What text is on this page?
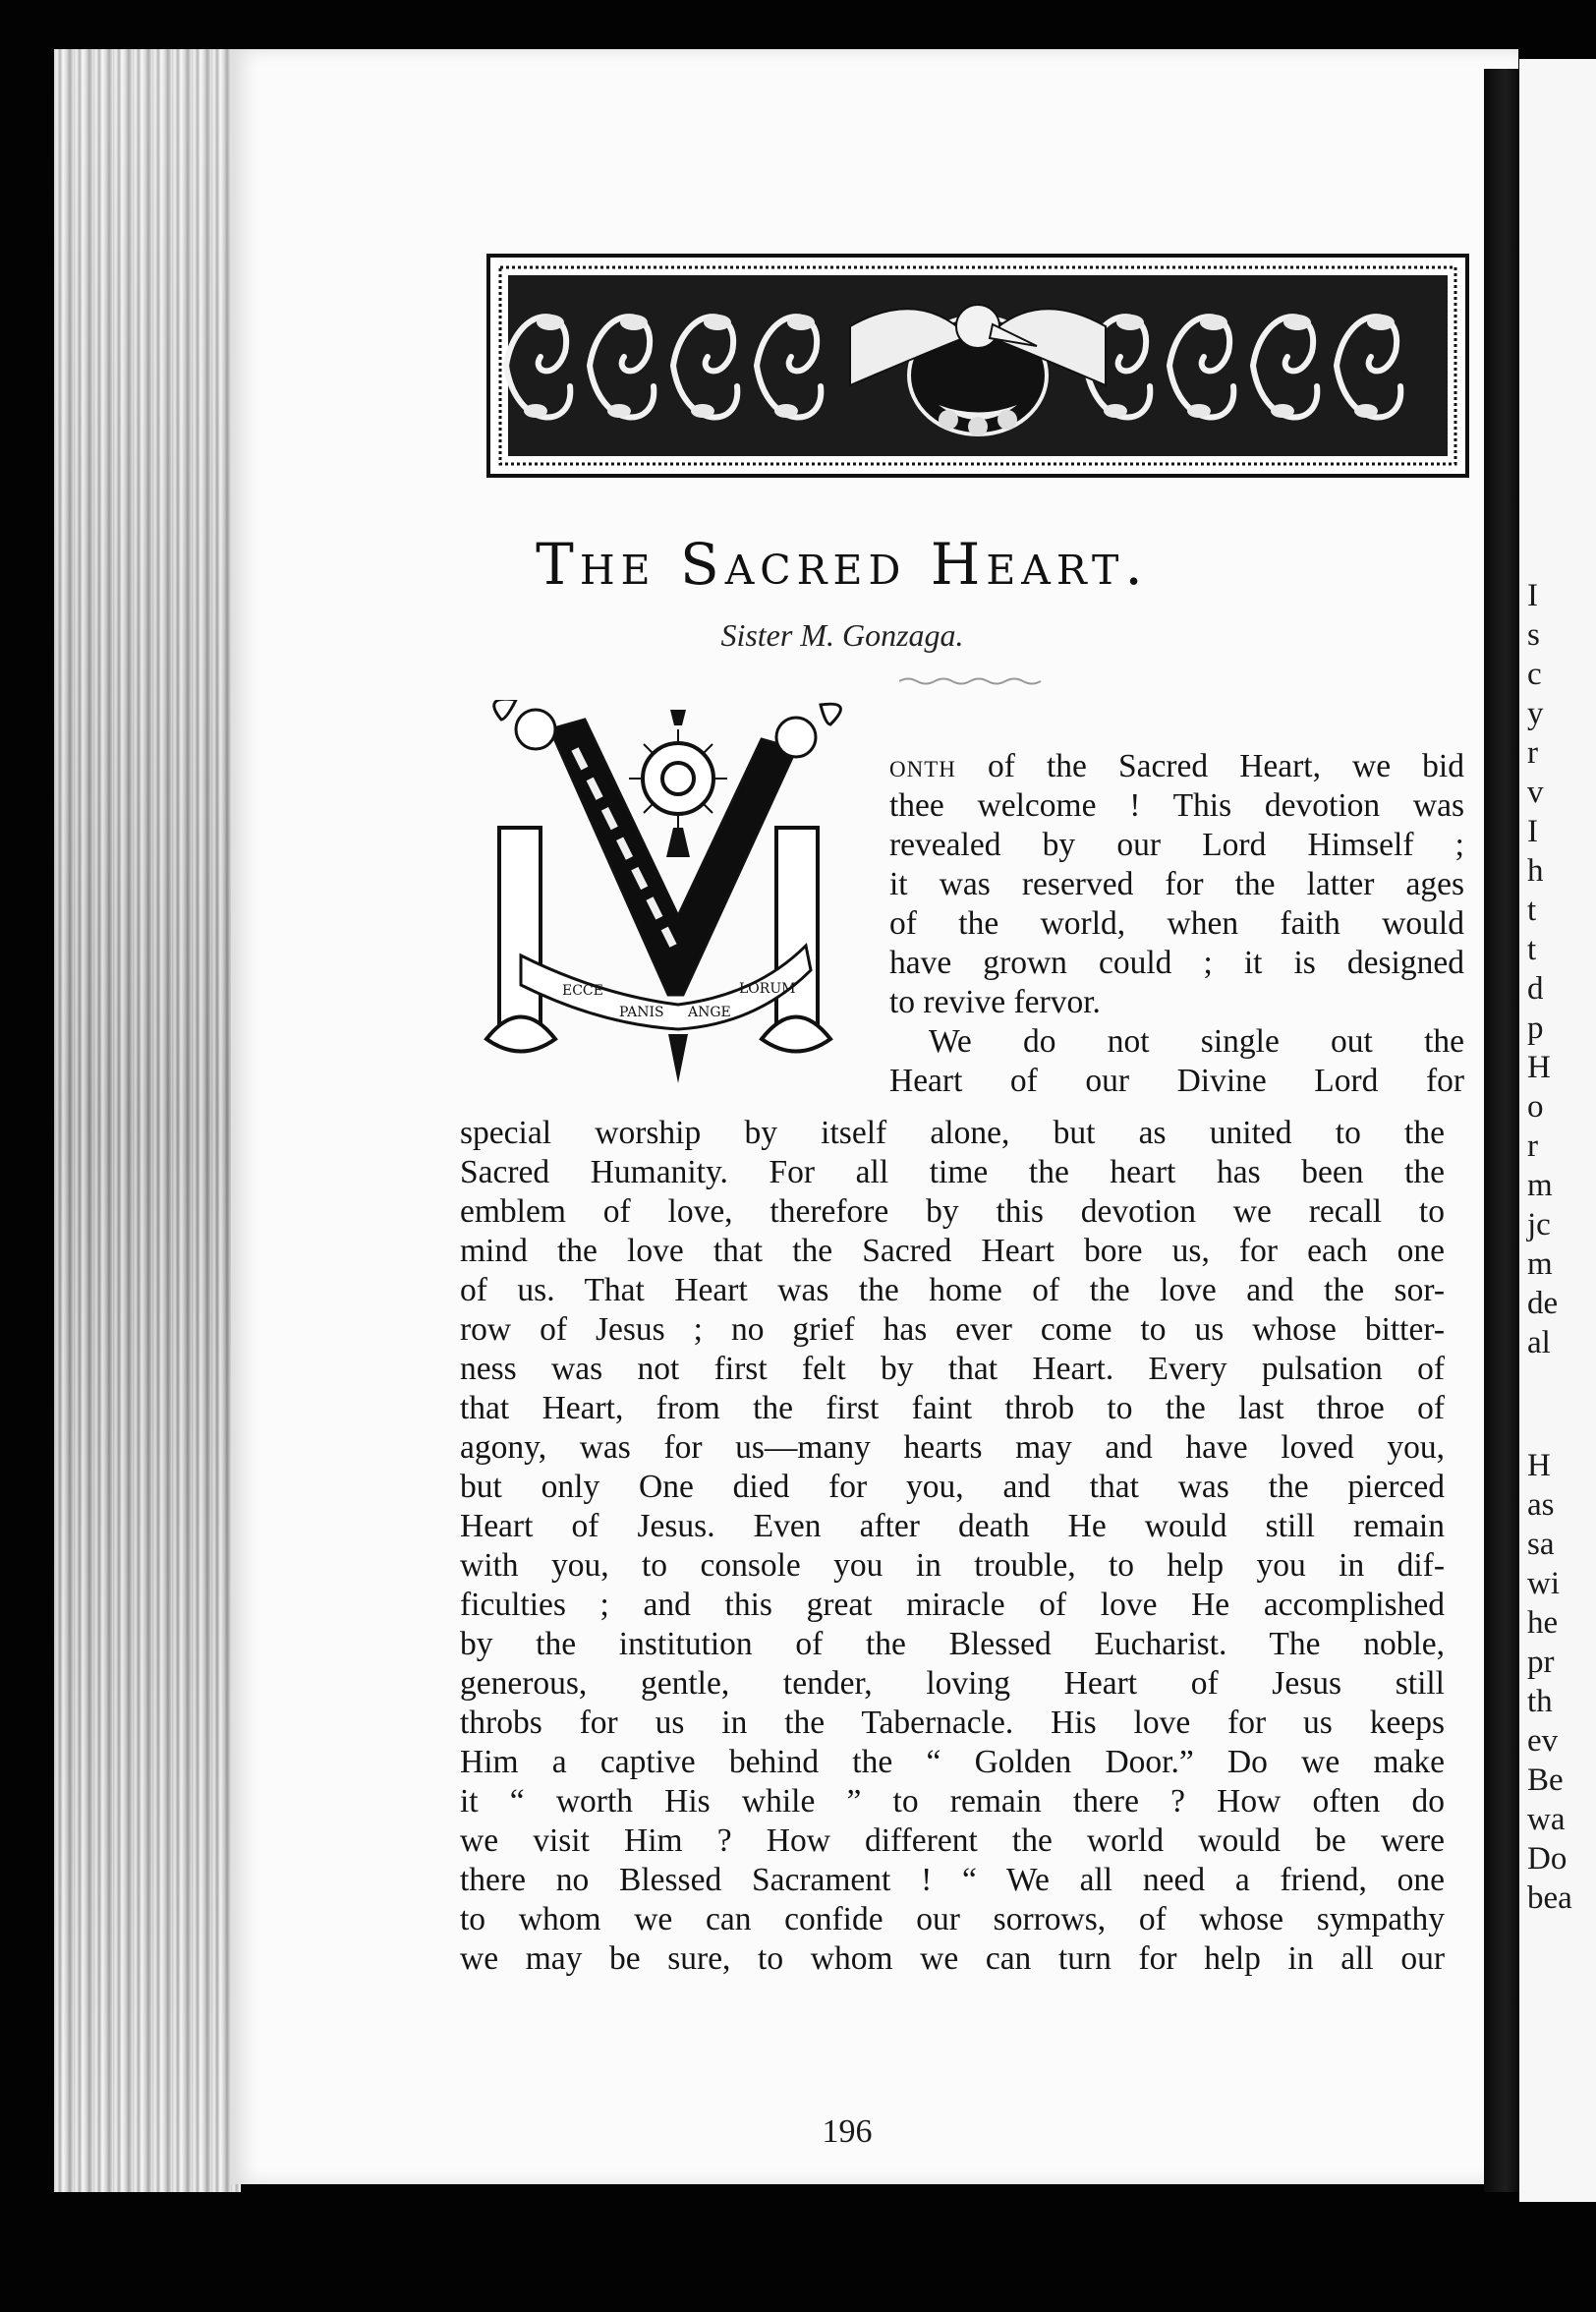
I
s
c
y
r
v
I
h
t
t
d
p
H
o
r
m
jc
m
de
al
H
as
sa
wi
he
pr
th
ev
Be
wa
Do
bea
The Sacred Heart.
Sister M. Gonzaga.
ECCE
PANIS ANGE
LORUM
M
onth of the Sacred Heart, we bid
thee welcome ! This devotion was
revealed by our Lord Himself ;
it was reserved for the latter ages
of the world, when faith would
have grown could ; it is designed
to revive fervor.
We do not single out the
Heart of our Divine Lord for
special worship by itself alone, but as united to the
Sacred Humanity. For all time the heart has been the
emblem of love, therefore by this devotion we recall to
mind the love that the Sacred Heart bore us, for each one
of us. That Heart was the home of the love and the sor-
row of Jesus ; no grief has ever come to us whose bitter-
ness was not first felt by that Heart. Every pulsation of
that Heart, from the first faint throb to the last throe of
agony, was for us—many hearts may and have loved you,
but only One died for you, and that was the pierced
Heart of Jesus. Even after death He would still remain
with you, to console you in trouble, to help you in dif-
ficulties ; and this great miracle of love He accomplished
by the institution of the Blessed Eucharist. The noble,
generous, gentle, tender, loving Heart of Jesus still
throbs for us in the Tabernacle. His love for us keeps
Him a captive behind the “ Golden Door.” Do we make
it “ worth His while ” to remain there ? How often do
we visit Him ? How different the world would be were
there no Blessed Sacrament ! “ We all need a friend, one
to whom we can confide our sorrows, of whose sympathy
we may be sure, to whom we can turn for help in all our
196
